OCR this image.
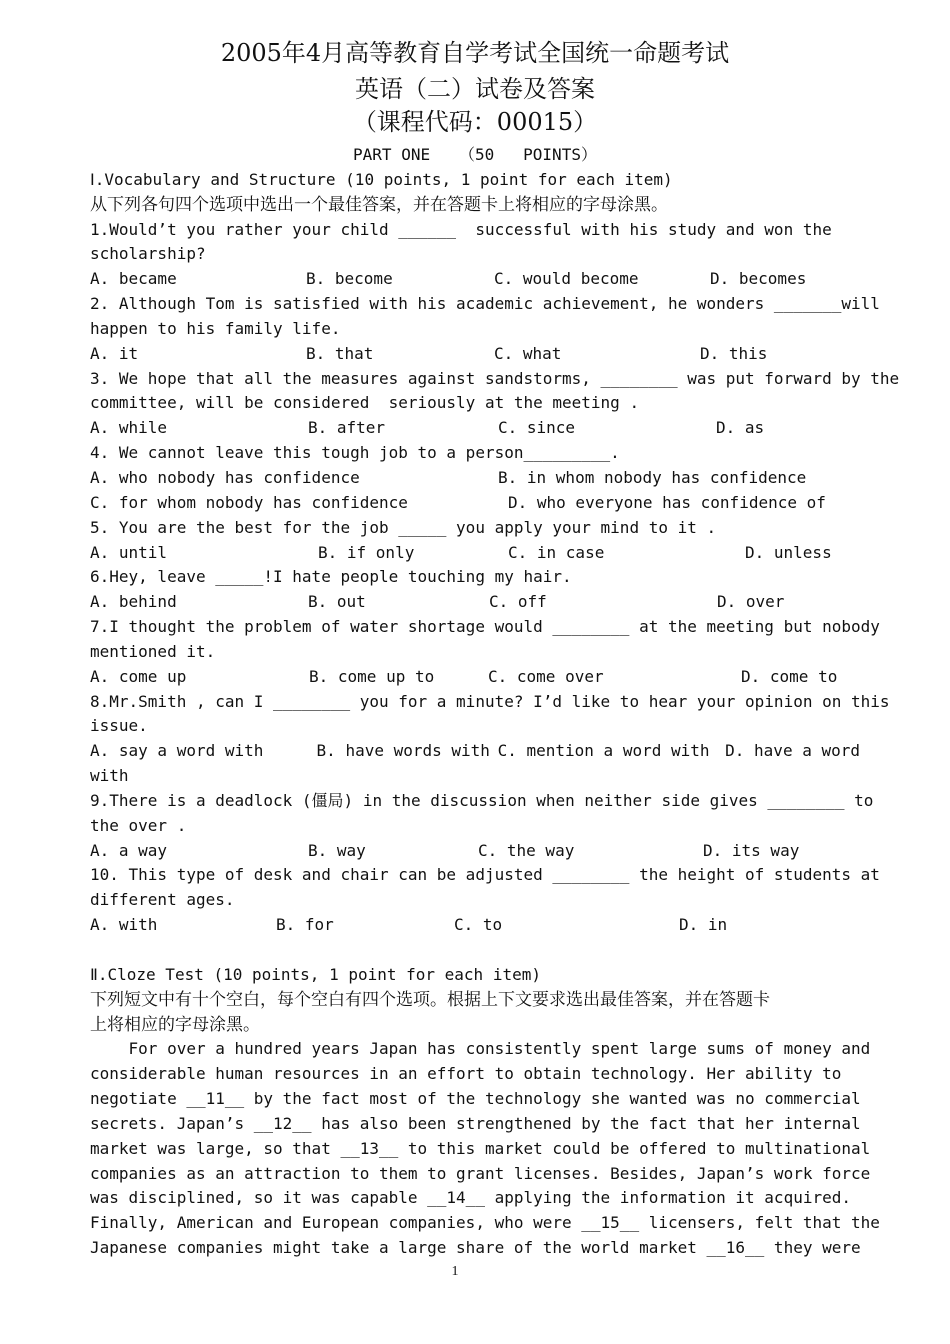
2005年4月高等教育自学考试全国统一命题考试
英语（二）试卷及答案
（课程代码：00015）
PART ONE   （50   POINTS）
Ⅰ.Vocabulary and Structure (10 points, 1 point for each item)
从下列各句四个选项中选出一个最佳答案，并在答题卡上将相应的字母涂黑。
1.Would’t you rather your child ______  successful with his study and won the
scholarship?
A. became	B. become	C. would become	D. becomes
2. Although Tom is satisfied with his academic achievement, he wonders _______will
happen to his family life.
A. it	B. that	C. what	D. this
3. We hope that all the measures against sandstorms, ________ was put forward by the
committee, will be considered  seriously at the meeting .
A. while	B. after	C. since	D. as
4. We cannot leave this tough job to a person_________.
A. who nobody has confidence	B. in whom nobody has confidence
C. for whom nobody has confidence	D. who everyone has confidence of
5. You are the best for the job _____ you apply your mind to it .
A. until	B. if only	C. in case	D. unless
6.Hey, leave _____!I hate people touching my hair.
A. behind	B. out	C. off	D. over
7.I thought the problem of water shortage would ________ at the meeting but nobody
mentioned it.
A. come up	B. come up to	C. come over	D. come to
8.Mr.Smith , can I ________ you for a minute? I’d like to hear your opinion on this
issue.
A. say a word with	B. have words with C. mention a word with D. have a word
with
9.There is a deadlock (僵局) in the discussion when neither side gives ________ to
the over .
A. a way	B. way	C. the way	D. its way
10. This type of desk and chair can be adjusted ________ the height of students at
different ages.
A. with	B. for	C. to	D. in
Ⅱ.Cloze Test (10 points, 1 point for each item)
下列短文中有十个空白，每个空白有四个选项。根据上下文要求选出最佳答案，并在答题卡
上将相应的字母涂黑。
For over a hundred years Japan has consistently spent large sums of money and
considerable human resources in an effort to obtain technology. Her ability to
negotiate __11__ by the fact most of the technology she wanted was no commercial
secrets. Japan’s __12__ has also been strengthened by the fact that her internal
market was large, so that __13__ to this market could be offered to multinational
companies as an attraction to them to grant licenses. Besides, Japan’s work force
was disciplined, so it was capable __14__ applying the information it acquired.
Finally, American and European companies, who were __15__ licensers, felt that the
Japanese companies might take a large share of the world market __16__ they were
1
